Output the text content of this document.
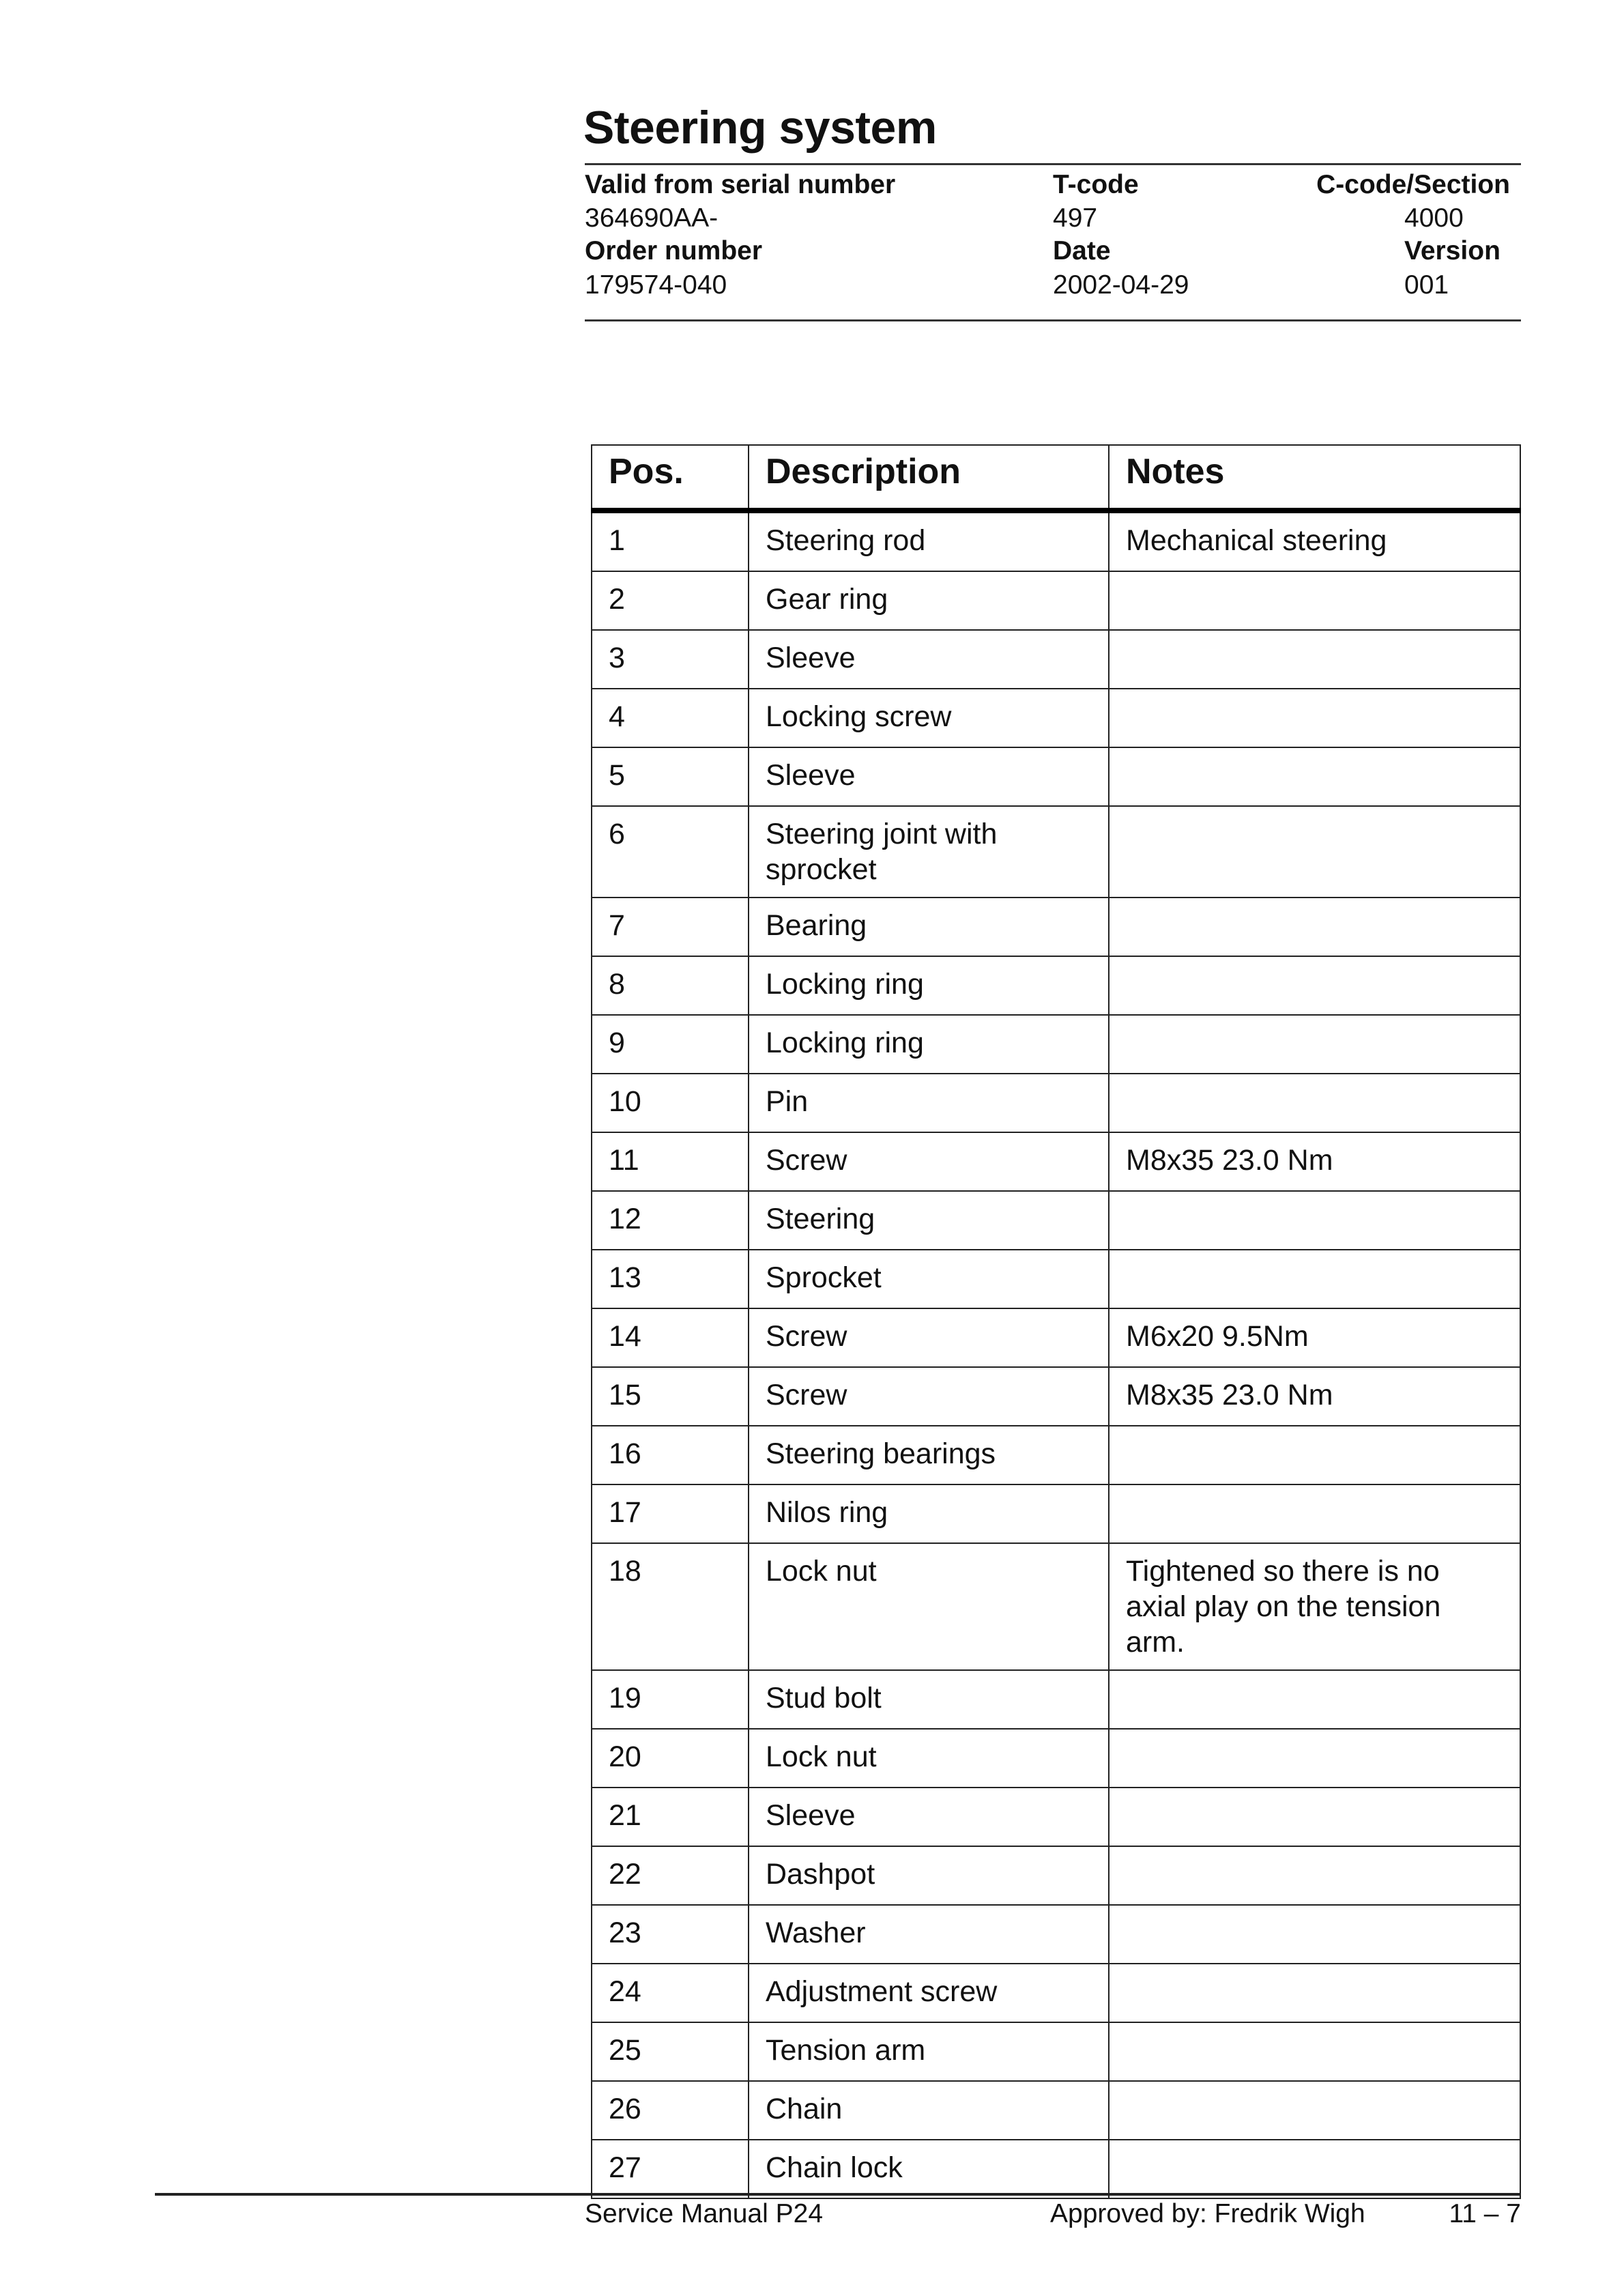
Steering system
Valid from serial number
364690AA-
Order number
179574-040
T-code
497
Date
2002-04-29
C-code/Section
4000
Version
001
Pos.	Description	Notes
1	Steering rod	Mechanical steering
2	Gear ring	
3	Sleeve	
4	Locking screw	
5	Sleeve	
6	Steering joint with sprocket	
7	Bearing	
8	Locking ring	
9	Locking ring	
10	Pin	
11	Screw	M8x35 23.0 Nm
12	Steering	
13	Sprocket	
14	Screw	M6x20 9.5Nm
15	Screw	M8x35 23.0 Nm
16	Steering bearings	
17	Nilos ring	
18	Lock nut	Tightened so there is no axial play on the tension arm.
19	Stud bolt	
20	Lock nut	
21	Sleeve	
22	Dashpot	
23	Washer	
24	Adjustment screw	
25	Tension arm	
26	Chain	
27	Chain lock	
Service Manual P24	Approved by: Fredrik Wigh	11 – 7
